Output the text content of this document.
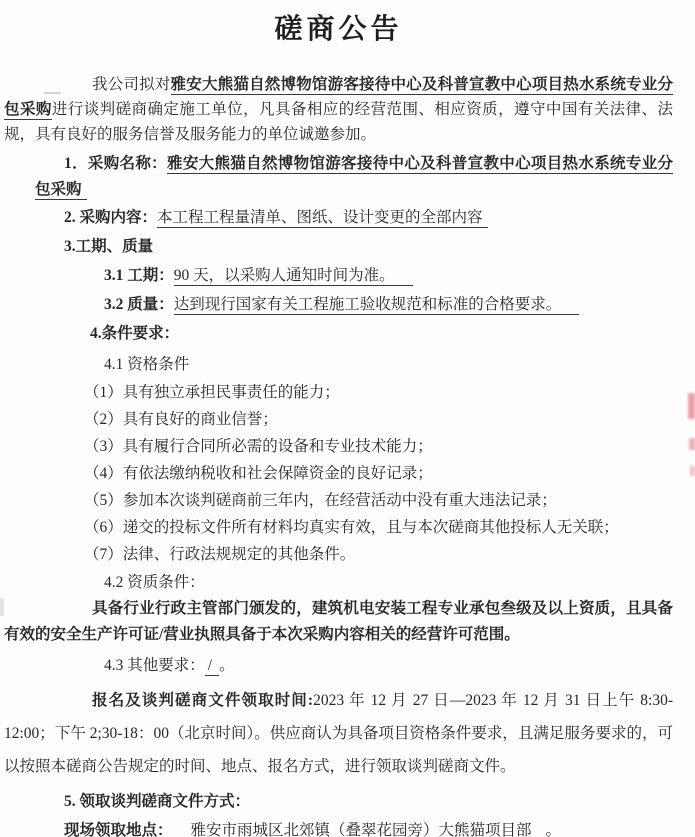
磋商公告

我公司拟对雅安大熊猫自然博物馆游客接待中心及科普宣教中心项目热水系统专业分包采购进行谈判磋商确定施工单位，凡具备相应的经营范围、相应资质，遵守中国有关法律、法规，具有良好的服务信誉及服务能力的单位诚邀参加。

1．采购名称：雅安大熊猫自然博物馆游客接待中心及科普宣教中心项目热水系统专业分包采购

2. 采购内容：本工程工程量清单、图纸、设计变更的全部内容

3.工期、质量

3.1 工期：90 天，以采购人通知时间为准。

3.2 质量：达到现行国家有关工程施工验收规范和标准的合格要求。

4.条件要求：

4.1 资格条件

（1）具有独立承担民事责任的能力；

（2）具有良好的商业信誉；

（3）具有履行合同所必需的设备和专业技术能力；

（4）有依法缴纳税收和社会保障资金的良好记录；

（5）参加本次谈判磋商前三年内，在经营活动中没有重大违法记录；

（6）递交的投标文件所有材料均真实有效，且与本次磋商其他投标人无关联；

（7）法律、行政法规规定的其他条件。

4.2 资质条件：

具备行业行政主管部门颁发的，建筑机电安装工程专业承包叁级及以上资质，且具备有效的安全生产许可证/营业执照具备于本次采购内容相关的经营许可范围。

4.3 其他要求： / 。

报名及谈判磋商文件领取时间:2023 年 12 月 27 日—2023 年 12 月 31 日上午 8:30-12:00；下午 2;30-18：00（北京时间）。供应商认为具备项目资格条件要求，且满足服务要求的，可以按照本磋商公告规定的时间、地点、报名方式，进行领取谈判磋商文件。

5. 领取谈判磋商文件方式：

现场领取地点： 雅安市雨城区北郊镇（叠翠花园旁）大熊猫项目部 。
